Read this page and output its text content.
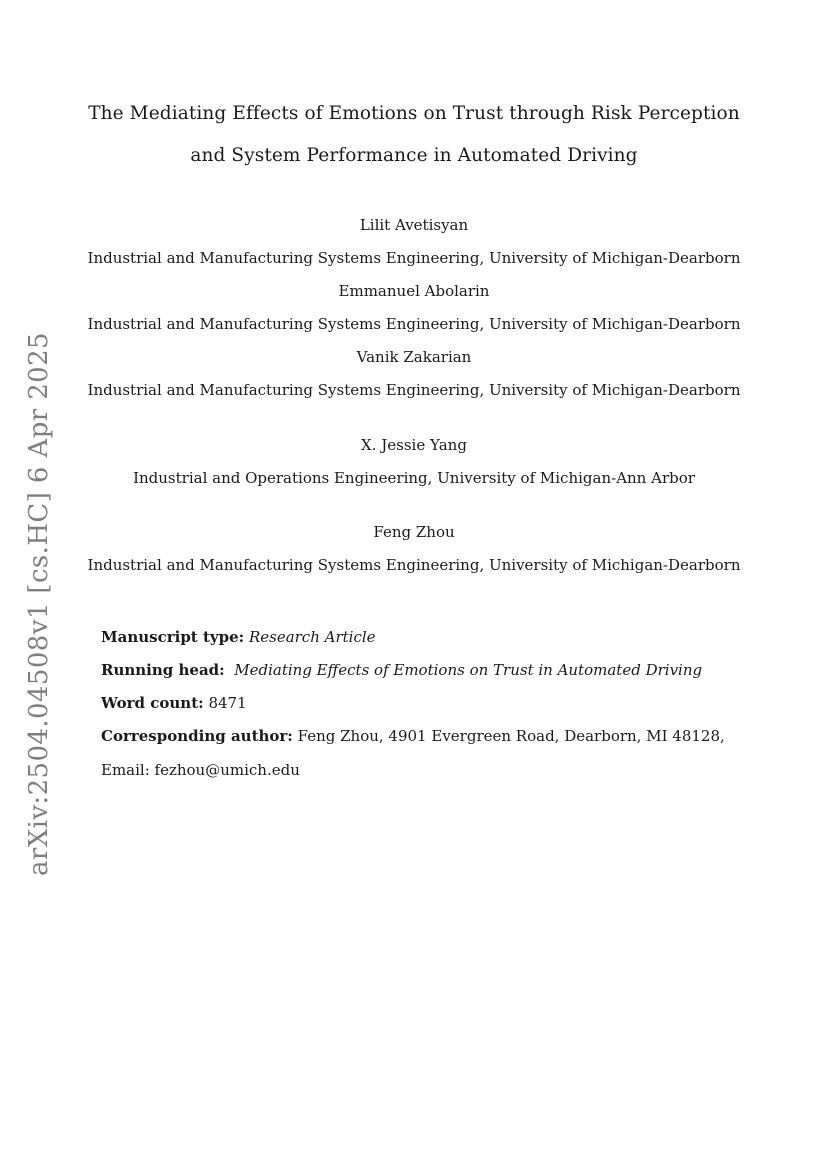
arXiv:2504.04508v1 [cs.HC] 6 Apr 2025
The Mediating Effects of Emotions on Trust through Risk Perception
and System Performance in Automated Driving
Lilit Avetisyan
Industrial and Manufacturing Systems Engineering, University of Michigan-Dearborn
Emmanuel Abolarin
Industrial and Manufacturing Systems Engineering, University of Michigan-Dearborn
Vanik Zakarian
Industrial and Manufacturing Systems Engineering, University of Michigan-Dearborn
X. Jessie Yang
Industrial and Operations Engineering, University of Michigan-Ann Arbor
Feng Zhou
Industrial and Manufacturing Systems Engineering, University of Michigan-Dearborn
Manuscript type: Research Article
Running head: Mediating Effects of Emotions on Trust in Automated Driving
Word count: 8471
Corresponding author: Feng Zhou, 4901 Evergreen Road, Dearborn, MI 48128,
Email: fezhou@umich.edu
